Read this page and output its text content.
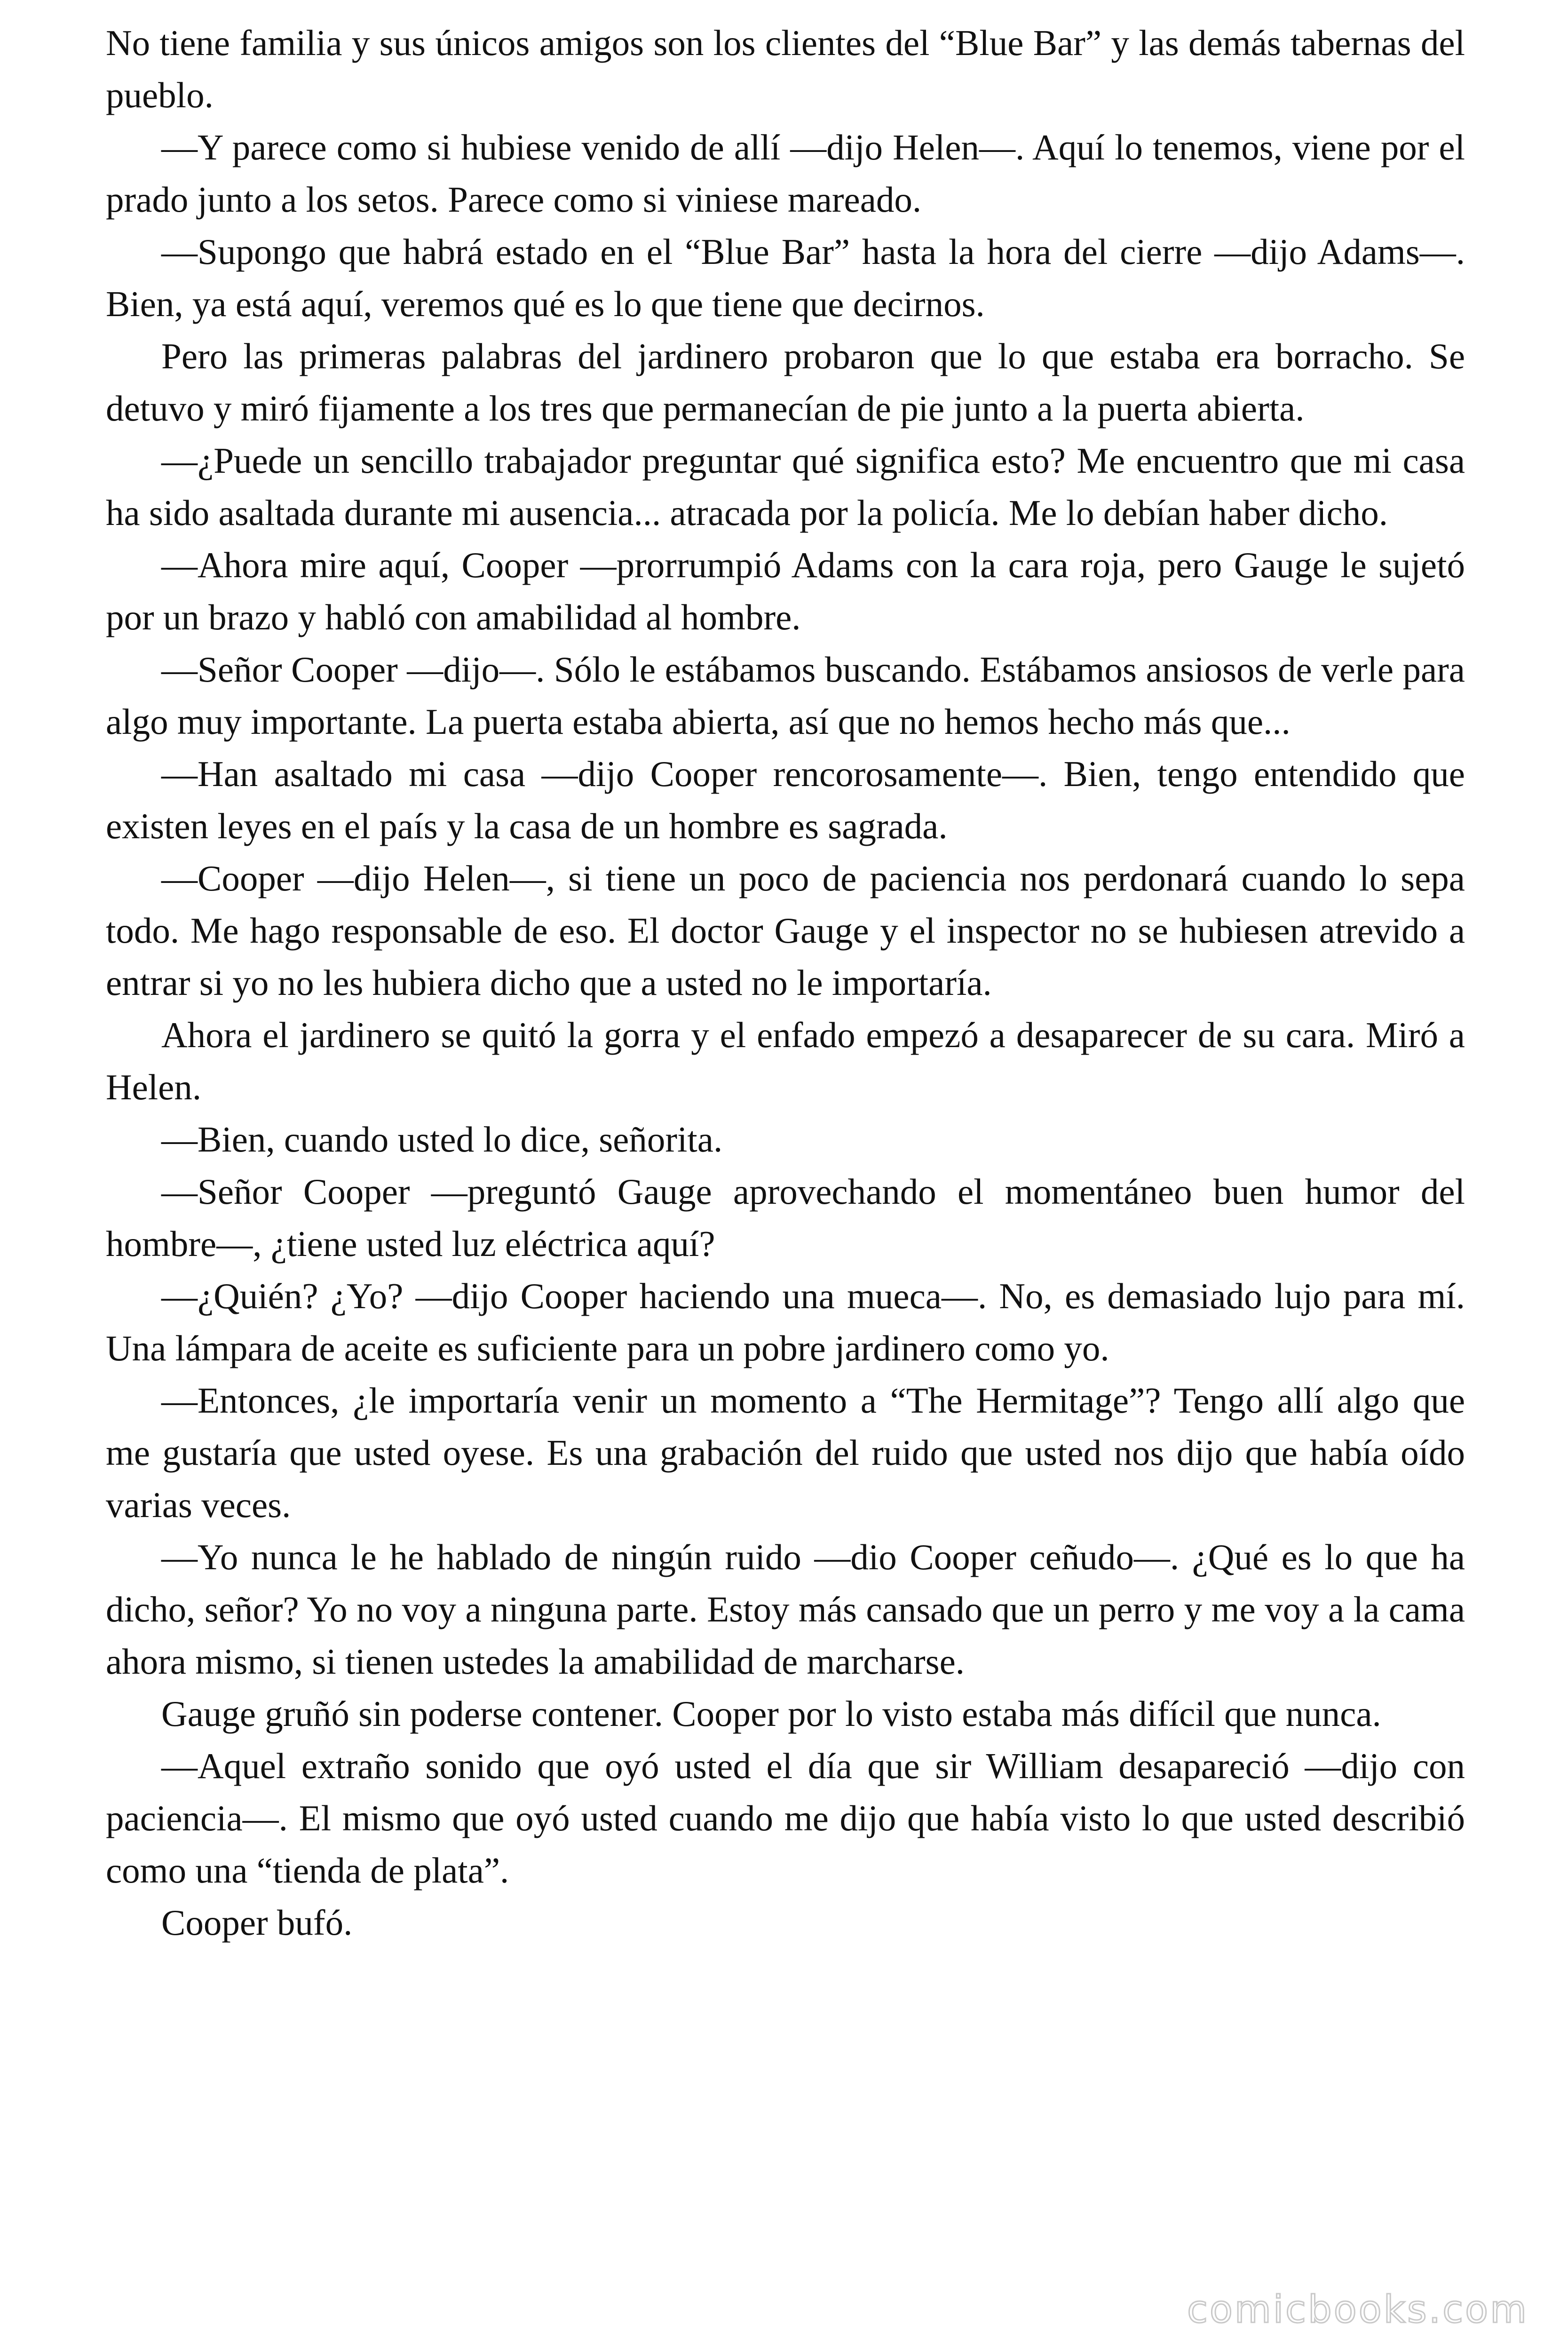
No tiene familia y sus únicos amigos son los clientes del “Blue Bar” y las demás tabernas del pueblo.

—Y parece como si hubiese venido de allí —dijo Helen—. Aquí lo tenemos, viene por el prado junto a los setos. Parece como si viniese mareado.

—Supongo que habrá estado en el “Blue Bar” hasta la hora del cierre —dijo Adams—. Bien, ya está aquí, veremos qué es lo que tiene que decirnos.

Pero las primeras palabras del jardinero probaron que lo que estaba era borracho. Se detuvo y miró fijamente a los tres que permanecían de pie junto a la puerta abierta.

—¿Puede un sencillo trabajador preguntar qué significa esto? Me encuentro que mi casa ha sido asaltada durante mi ausencia... atracada por la policía. Me lo debían haber dicho.

—Ahora mire aquí, Cooper —prorrumpió Adams con la cara roja, pero Gauge le sujetó por un brazo y habló con amabilidad al hombre.

—Señor Cooper —dijo—. Sólo le estábamos buscando. Estábamos ansiosos de verle para algo muy importante. La puerta estaba abierta, así que no hemos hecho más que...

—Han asaltado mi casa —dijo Cooper rencorosamente—. Bien, tengo entendido que existen leyes en el país y la casa de un hombre es sagrada.

—Cooper —dijo Helen—, si tiene un poco de paciencia nos perdonará cuando lo sepa todo. Me hago responsable de eso. El doctor Gauge y el inspector no se hubiesen atrevido a entrar si yo no les hubiera dicho que a usted no le importaría.

Ahora el jardinero se quitó la gorra y el enfado empezó a desaparecer de su cara. Miró a Helen.

—Bien, cuando usted lo dice, señorita.

—Señor Cooper —preguntó Gauge aprovechando el momentáneo buen humor del hombre—, ¿tiene usted luz eléctrica aquí?

—¿Quién? ¿Yo? —dijo Cooper haciendo una mueca—. No, es demasiado lujo para mí. Una lámpara de aceite es suficiente para un pobre jardinero como yo.

—Entonces, ¿le importaría venir un momento a “The Hermitage”? Tengo allí algo que me gustaría que usted oyese. Es una grabación del ruido que usted nos dijo que había oído varias veces.

—Yo nunca le he hablado de ningún ruido —dio Cooper ceñudo—. ¿Qué es lo que ha dicho, señor? Yo no voy a ninguna parte. Estoy más cansado que un perro y me voy a la cama ahora mismo, si tienen ustedes la amabilidad de marcharse.

Gauge gruñó sin poderse contener. Cooper por lo visto estaba más difícil que nunca.

—Aquel extraño sonido que oyó usted el día que sir William desapareció —dijo con paciencia—. El mismo que oyó usted cuando me dijo que había visto lo que usted describió como una “tienda de plata”.

Cooper bufó.

comicbooks.com
